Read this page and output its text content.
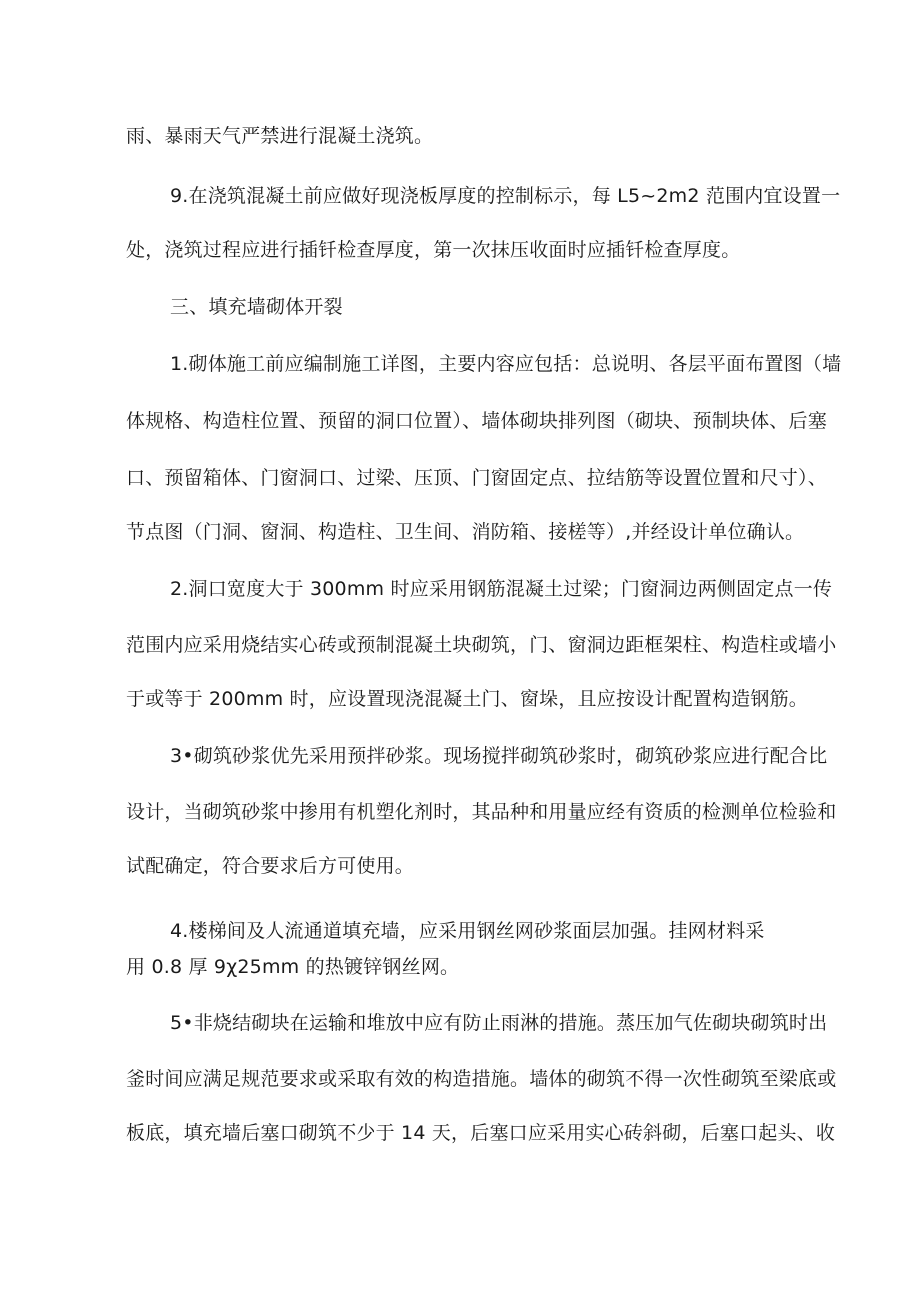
雨、暴雨天气严禁进行混凝土浇筑。
9.在浇筑混凝土前应做好现浇板厚度的控制标示，每 L5~2m2 范围内宜设置一
处，浇筑过程应进行插钎检查厚度，第一次抹压收面时应插钎检查厚度。
三、填充墙砌体开裂
1.砌体施工前应编制施工详图，主要内容应包括：总说明、各层平面布置图（墙
体规格、构造柱位置、预留的洞口位置）、墙体砌块排列图（砌块、预制块体、后塞
口、预留箱体、门窗洞口、过梁、压顶、门窗固定点、拉结筋等设置位置和尺寸）、
节点图（门洞、窗洞、构造柱、卫生间、消防箱、接槎等）,并经设计单位确认。
2.洞口宽度大于 300mm 时应采用钢筋混凝土过梁；门窗洞边两侧固定点一传
范围内应采用烧结实心砖或预制混凝土块砌筑，门、窗洞边距框架柱、构造柱或墙小
于或等于 200mm 时，应设置现浇混凝土门、窗垛，且应按设计配置构造钢筋。
3•砌筑砂浆优先采用预拌砂浆。现场搅拌砌筑砂浆时，砌筑砂浆应进行配合比
设计，当砌筑砂浆中掺用有机塑化剂时，其品种和用量应经有资质的检测单位检验和
试配确定，符合要求后方可使用。
4.楼梯间及人流通道填充墙，应采用钢丝网砂浆面层加强。挂网材料采
用 0.8 厚 9χ25mm 的热镀锌钢丝网。
5•非烧结砌块在运输和堆放中应有防止雨淋的措施。蒸压加气佐砌块砌筑时出
釜时间应满足规范要求或采取有效的构造措施。墙体的砌筑不得一次性砌筑至梁底或
板底，填充墙后塞口砌筑不少于 14 天，后塞口应采用实心砖斜砌，后塞口起头、收
